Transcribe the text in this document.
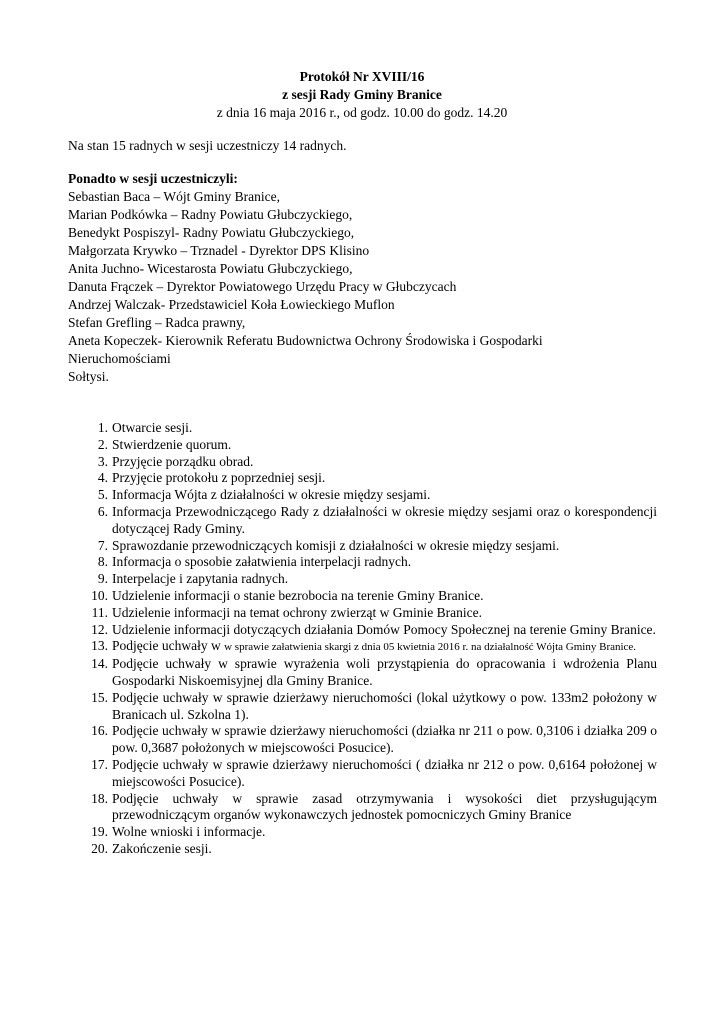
Protokół Nr XVIII/16
z sesji Rady Gminy Branice
z dnia 16 maja 2016 r., od godz. 10.00 do godz. 14.20

Na stan 15 radnych w sesji uczestniczy 14 radnych.

Ponadto w sesji uczestniczyli:
Sebastian Baca – Wójt Gminy Branice,
Marian Podkówka – Radny Powiatu Głubczyckiego,
Benedykt Pospiszyl- Radny Powiatu Głubczyckiego,
Małgorzata Krywko – Trznadel - Dyrektor DPS Klisino
Anita Juchno- Wicestarosta Powiatu Głubczyckiego,
Danuta Frączek – Dyrektor Powiatowego Urzędu Pracy w Głubczycach
Andrzej Walczak- Przedstawiciel Koła Łowieckiego Muflon
Stefan Grefling – Radca prawny,
Aneta Kopeczek- Kierownik Referatu Budownictwa Ochrony Środowiska i Gospodarki Nieruchomościami
Sołtysi.
1. Otwarcie sesji.
2. Stwierdzenie quorum.
3. Przyjęcie porządku obrad.
4. Przyjęcie protokołu z poprzedniej sesji.
5. Informacja Wójta z działalności w okresie między sesjami.
6. Informacja Przewodniczącego Rady z działalności w okresie między sesjami oraz o korespondencji dotyczącej Rady Gminy.
7. Sprawozdanie przewodniczących komisji z działalności w okresie między sesjami.
8. Informacja o sposobie załatwienia interpelacji radnych.
9. Interpelacje i zapytania radnych.
10. Udzielenie informacji o stanie bezrobocia na terenie Gminy Branice.
11. Udzielenie informacji na temat ochrony zwierząt w Gminie Branice.
12. Udzielenie informacji dotyczących działania Domów Pomocy Społecznej na terenie Gminy Branice.
13. Podjęcie uchwały w w sprawie załatwienia skargi z dnia 05 kwietnia 2016 r. na działalność Wójta Gminy Branice.
14. Podjęcie uchwały w sprawie wyrażenia woli przystąpienia do opracowania i wdrożenia Planu Gospodarki Niskoemisyjnej dla Gminy Branice.
15. Podjęcie uchwały w sprawie dzierżawy nieruchomości (lokal użytkowy o pow. 133m2 położony w Branicach ul. Szkolna 1).
16. Podjęcie uchwały w sprawie dzierżawy nieruchomości (działka nr 211 o pow. 0,3106 i działka 209 o pow. 0,3687 położonych w miejscowości Posucice).
17. Podjęcie uchwały w sprawie dzierżawy nieruchomości ( działka nr 212 o pow. 0,6164 położonej w miejscowości Posucice).
18. Podjęcie uchwały w sprawie zasad otrzymywania i wysokości diet przysługującym przewodniczącym organów wykonawczych jednostek pomocniczych Gminy Branice
19. Wolne wnioski i informacje.
20. Zakończenie sesji.
